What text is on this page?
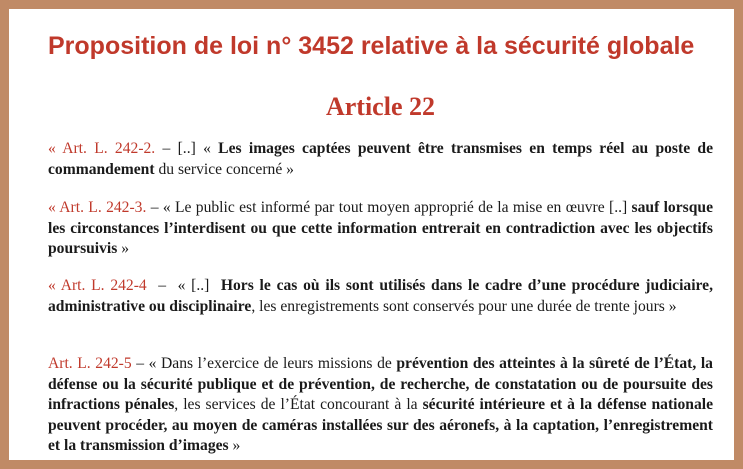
Proposition de loi n° 3452 relative à la sécurité globale
Article 22

« Art. L. 242-2. – [..] « Les images captées peuvent être transmises en temps réel au poste de commandement du service concerné »

« Art. L. 242-3. – « Le public est informé par tout moyen approprié de la mise en œuvre [..] sauf lorsque les circonstances l’interdisent ou que cette information entrerait en contradiction avec les objectifs poursuivis »

« Art. L. 242-4  –  « [..]  Hors le cas où ils sont utilisés dans le cadre d’une procédure judiciaire, administrative ou disciplinaire, les enregistrements sont conservés pour une durée de trente jours »

Art. L. 242-5 – « Dans l’exercice de leurs missions de prévention des atteintes à la sûreté de l’État, la défense ou la sécurité publique et de prévention, de recherche, de constatation ou de poursuite des infractions pénales, les services de l’État concourant à la sécurité intérieure et à la défense nationale peuvent procéder, au moyen de caméras installées sur des aéronefs, à la captation, l’enregistrement et la transmission d’images »
